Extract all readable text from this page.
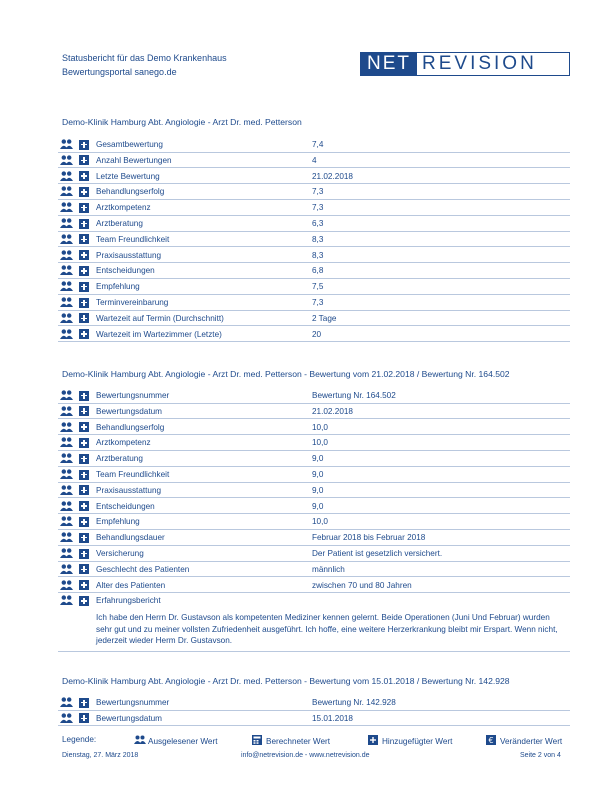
Statusbericht für das Demo Krankenhaus
Bewertungsportal sanego.de	NET REVISION
Demo-Klinik Hamburg Abt. Angiologie - Arzt Dr. med. Petterson
Gesamtbewertung	7,4
Anzahl Bewertungen	4
Letzte Bewertung	21.02.2018
Behandlungserfolg	7,3
Arztkompetenz	7,3
Arztberatung	6,3
Team Freundlichkeit	8,3
Praxisausstattung	8,3
Entscheidungen	6,8
Empfehlung	7,5
Terminvereinbarung	7,3
Wartezeit auf Termin (Durchschnitt)	2 Tage
Wartezeit im Wartezimmer (Letzte)	20
Demo-Klinik Hamburg Abt. Angiologie - Arzt Dr. med. Petterson - Bewertung vom 21.02.2018 / Bewertung Nr. 164.502
Bewertungsnummer	Bewertung Nr. 164.502
Bewertungsdatum	21.02.2018
Behandlungserfolg	10,0
Arztkompetenz	10,0
Arztberatung	9,0
Team Freundlichkeit	9,0
Praxisausstattung	9,0
Entscheidungen	9,0
Empfehlung	10,0
Behandlungsdauer	Februar 2018 bis Februar 2018
Versicherung	Der Patient ist gesetzlich versichert.
Geschlecht des Patienten	männlich
Alter des Patienten	zwischen 70 und 80 Jahren
Erfahrungsbericht
Ich habe den Herrn Dr. Gustavson als kompetenten Mediziner kennen gelernt. Beide Operationen (Juni Und Februar) wurden sehr gut und zu meiner vollsten Zufriedenheit ausgeführt. Ich hoffe, eine weitere Herzerkrankung bleibt mir Erspart. Wenn nicht, jederzeit wieder Herm Dr. Gustavson.
Demo-Klinik Hamburg Abt. Angiologie - Arzt Dr. med. Petterson - Bewertung vom 15.01.2018 / Bewertung Nr. 142.928
Bewertungsnummer	Bewertung Nr. 142.928
Bewertungsdatum	15.01.2018
Legende:	Ausgelesener Wert	Berechneter Wert	Hinzugefügter Wert	€ Veränderter Wert
Dienstag, 27. März 2018	info@netrevision.de - www.netrevision.de	Seite 2 von 4
